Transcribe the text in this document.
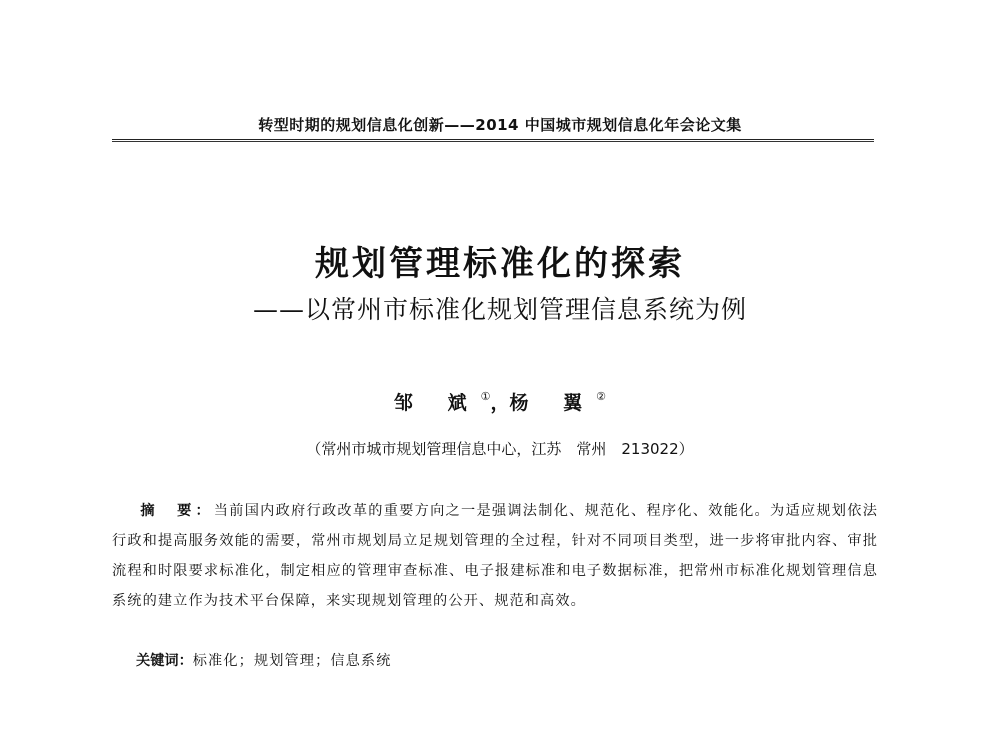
转型时期的规划信息化创新——2014 中国城市规划信息化年会论文集
规划管理标准化的探索
——以常州市标准化规划管理信息系统为例
邹 斌①，杨 翼②
（常州市城市规划管理信息中心，江苏　常州　213022）

摘　要：当前国内政府行政改革的重要方向之一是强调法制化、规范化、程序化、效能化。为适应规划依法行政和提高服务效能的需要，常州市规划局立足规划管理的全过程，针对不同项目类型，进一步将审批内容、审批流程和时限要求标准化，制定相应的管理审查标准、电子报建标准和电子数据标准，把常州市标准化规划管理信息系统的建立作为技术平台保障，来实现规划管理的公开、规范和高效。

关键词：标准化；规划管理；信息系统
